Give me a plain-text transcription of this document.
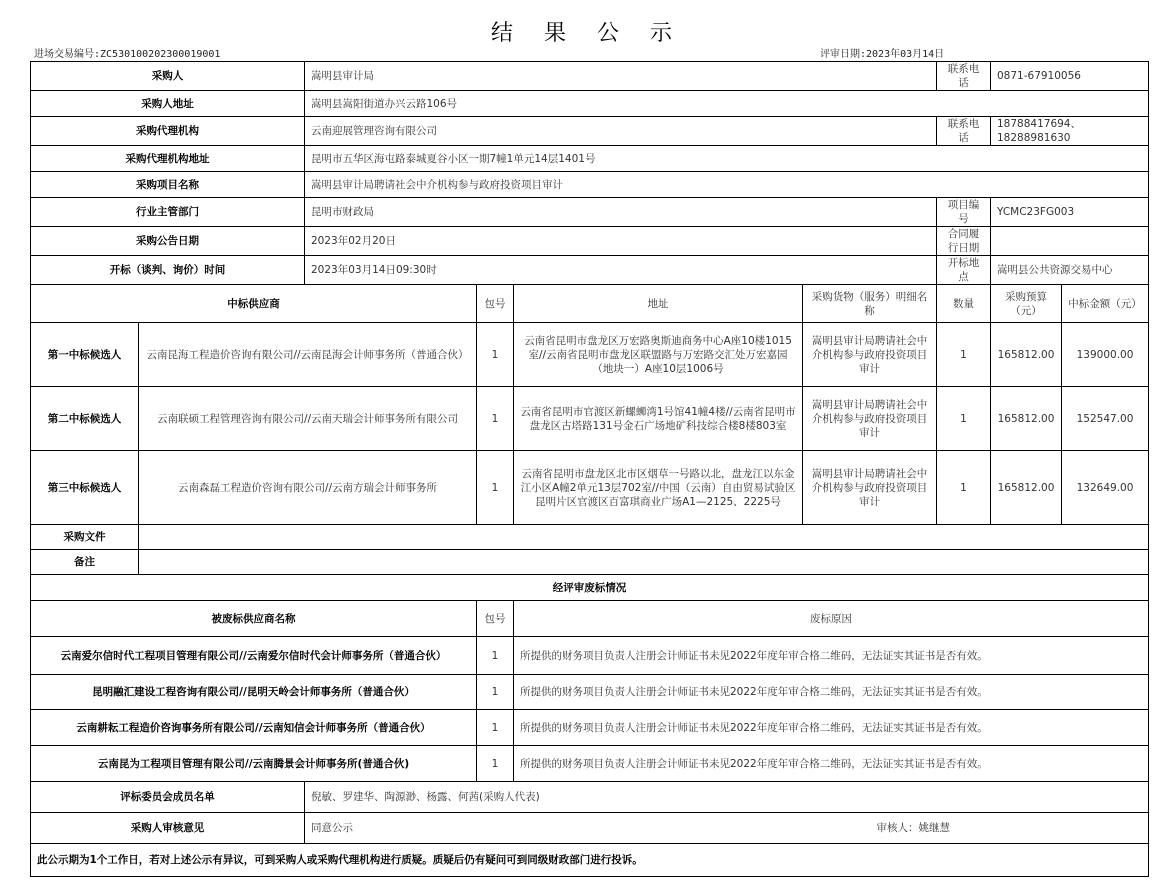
结 果 公 示
进场交易编号:ZC530100202300019001	评审日期:2023年03月14日
采购人		嵩明县审计局				联系电话	0871-67910056	
采购人地址		嵩明县嵩阳街道办兴云路106号						
采购代理机构		云南迎展管理咨询有限公司				联系电话	18788417694、18288981630	
采购代理机构地址		昆明市五华区海屯路泰城夏谷小区一期7幢1单元14层1401号						
采购项目名称		嵩明县审计局聘请社会中介机构参与政府投资项目审计						
行业主管部门		昆明市财政局				项目编号	YCMC23FG003	
采购公告日期		2023年02月20日				合同履行日期		
开标（谈判、询价）时间		2023年03月14日09:30时				开标地点	嵩明县公共资源交易中心	
中标供应商			包号	地址	采购货物（服务）明细名称	数量	采购预算（元）	中标金额（元）
第一中标候选人	云南昆海工程造价咨询有限公司//云南昆海会计师事务所（普通合伙）		1	云南省昆明市盘龙区万宏路奥斯迪商务中心A座10楼1015室//云南省昆明市盘龙区联盟路与万宏路交汇处万宏嘉园（地块一）A座10层1006号	嵩明县审计局聘请社会中介机构参与政府投资项目审计	1	165812.00	139000.00
第二中标候选人	云南联硕工程管理咨询有限公司//云南天瑞会计师事务所有限公司		1	云南省昆明市官渡区新螺蛳湾1号馆41幢4楼//云南省昆明市盘龙区古塔路131号金石广场地矿科技综合楼8楼803室	嵩明县审计局聘请社会中介机构参与政府投资项目审计	1	165812.00	152547.00
第三中标候选人	云南森磊工程造价咨询有限公司//云南方瑞会计师事务所		1	云南省昆明市盘龙区北市区烟草一号路以北，盘龙江以东金江小区A幢2单元13层702室//中国（云南）自由贸易试验区昆明片区官渡区百富琪商业广场A1—2125、2225号	嵩明县审计局聘请社会中介机构参与政府投资项目审计	1	165812.00	132649.00
采购文件								
备注								
经评审废标情况								
被废标供应商名称			包号	废标原因				
云南爱尔信时代工程项目管理有限公司//云南爱尔信时代会计师事务所（普通合伙）			1	所提供的财务项目负责人注册会计师证书未见2022年度年审合格二维码，无法证实其证书是否有效。				
昆明融汇建设工程咨询有限公司//昆明天岭会计师事务所（普通合伙）			1	所提供的财务项目负责人注册会计师证书未见2022年度年审合格二维码，无法证实其证书是否有效。				
云南耕耘工程造价咨询事务所有限公司//云南知信会计师事务所（普通合伙）			1	所提供的财务项目负责人注册会计师证书未见2022年度年审合格二维码，无法证实其证书是否有效。				
云南昆为工程项目管理有限公司//云南腾景会计师事务所(普通合伙)			1	所提供的财务项目负责人注册会计师证书未见2022年度年审合格二维码，无法证实其证书是否有效。				
评标委员会成员名单		倪敏、罗建华、陶源渺、杨露、何茜(采购人代表)						
采购人审核意见		同意公示 审核人：姚继慧						

此公示期为1个工作日，若对上述公示有异议，可到采购人或采购代理机构进行质疑。质疑后仍有疑问可到同级财政部门进行投诉。								
